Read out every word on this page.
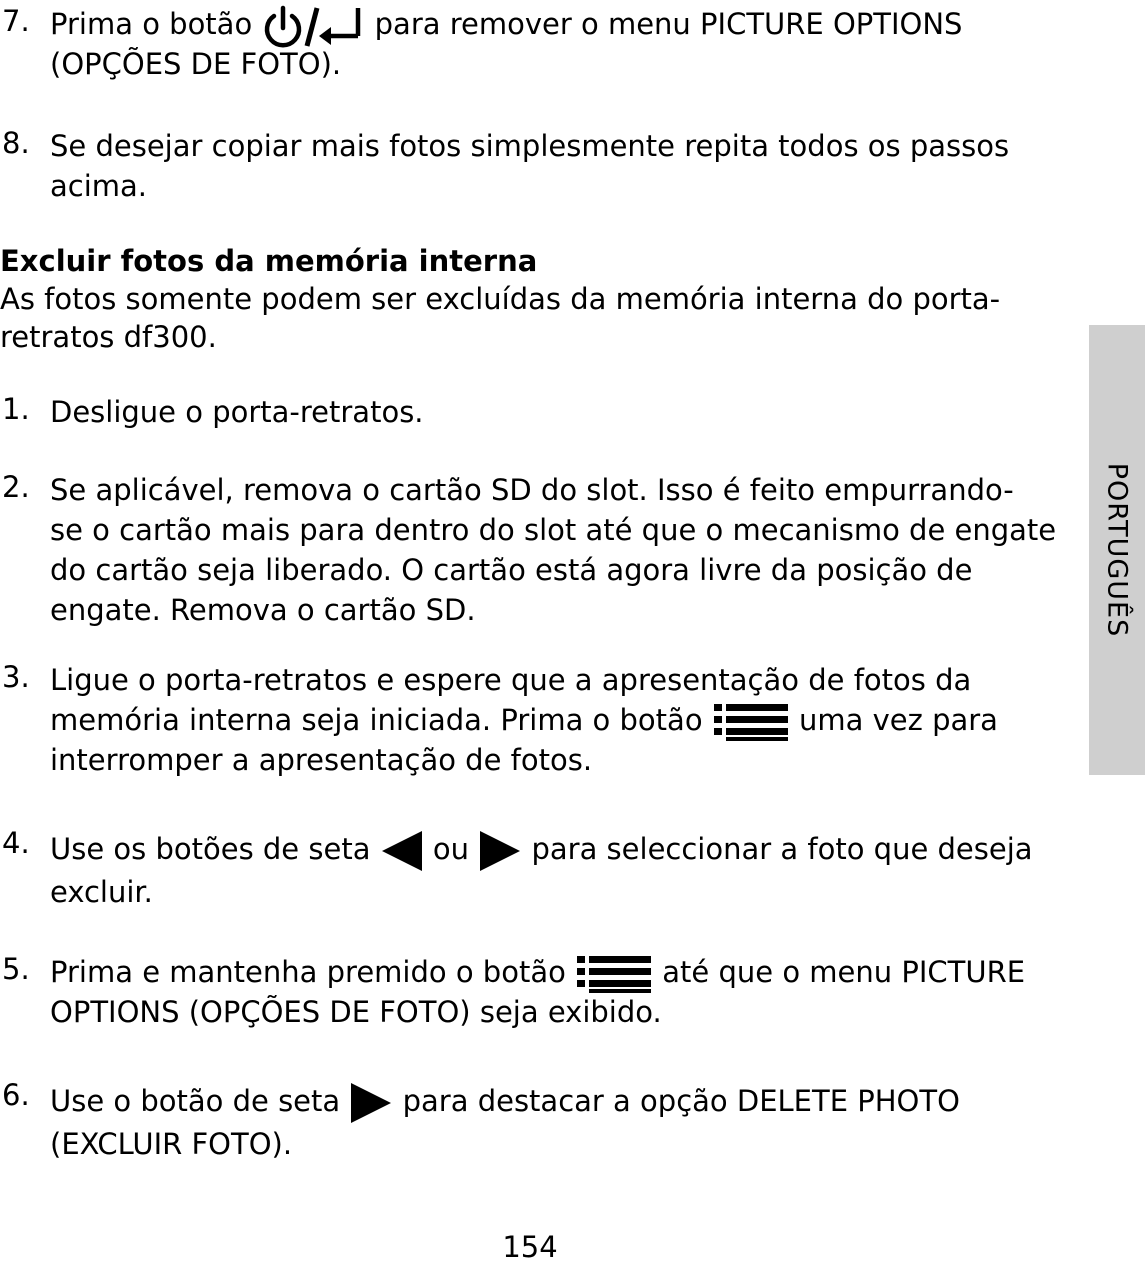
7. Prima o botão	para remover o menu PICTURE OPTIONS
(OPÇÕES DE FOTO).
8. Se desejar copiar mais fotos simplesmente repita todos os passos
acima.
Excluir fotos da memória interna
As fotos somente podem ser excluídas da memória interna do porta-
retratos df300.
1. Desligue o porta-retratos.
2. Se aplicável, remova o cartão SD do slot. Isso é feito empurrando-
se o cartão mais para dentro do slot até que o mecanismo de engate
do cartão seja liberado. O cartão está agora livre da posição de
engate. Remova o cartão SD.
3. Ligue o porta-retratos e espere que a apresentação de fotos da
memória interna seja iniciada. Prima o botão	uma vez para
interromper a apresentação de fotos.
4. Use os botões de seta ou para seleccionar a foto que deseja
excluir.
5. Prima e mantenha premido o botão	até que o menu PICTURE
OPTIONS (OPÇÕES DE FOTO) seja exibido.
6. Use o botão de seta para destacar a opção DELETE PHOTO
(EXCLUIR FOTO).
PORTUGUÊS
154
